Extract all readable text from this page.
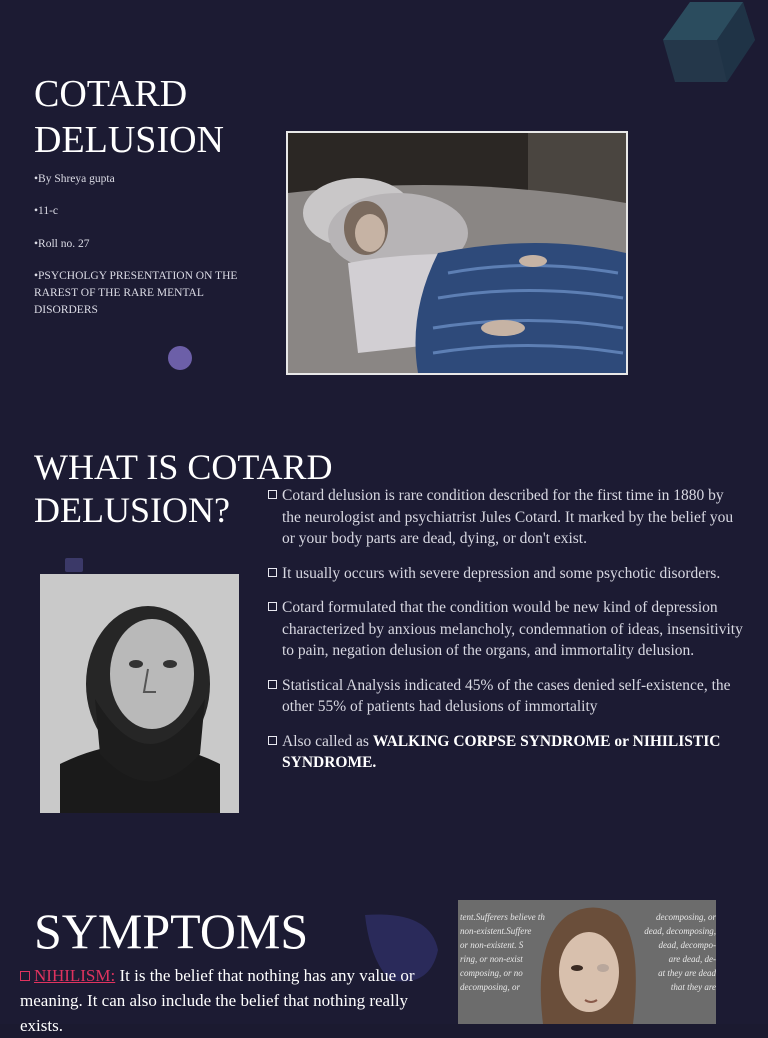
COTARD
DELUSION

•By Shreya gupta

•11-c

•Roll no. 27

•PSYCHOLGY PRESENTATION ON THE RAREST OF THE RARE MENTAL DISORDERS

WHAT IS COTARD
DELUSION?	Cotard delusion is rare condition described for the first time in 1880 by the neurologist and psychiatrist Jules Cotard. It marked by the belief you or your body parts are dead, dying, or don't exist.

It usually occurs with severe depression and some psychotic disorders.

Cotard formulated that the condition would be new kind of depression characterized by anxious melancholy, condemnation of ideas, insensitivity to pain, negation delusion of the organs, and immortality delusion.

Statistical Analysis indicated 45% of the cases denied self-existence, the other 55% of patients had delusions of immortality

Also called as WALKING CORPSE SYNDROME or NIHILISTIC SYNDROME.

SYMPTOMS

NIHILISM: It is the belief that nothing has any value or meaning. It can also include the belief that nothing really exists.

tent.Sufferers believe th
non-existent.Suffere
or non-existent. S
ring, or non-exist
composing, or no
decomposing, or
decomposing, or
dead, decomposing,
dead, decompo-
are dead, de-
at they are dead
that they are
